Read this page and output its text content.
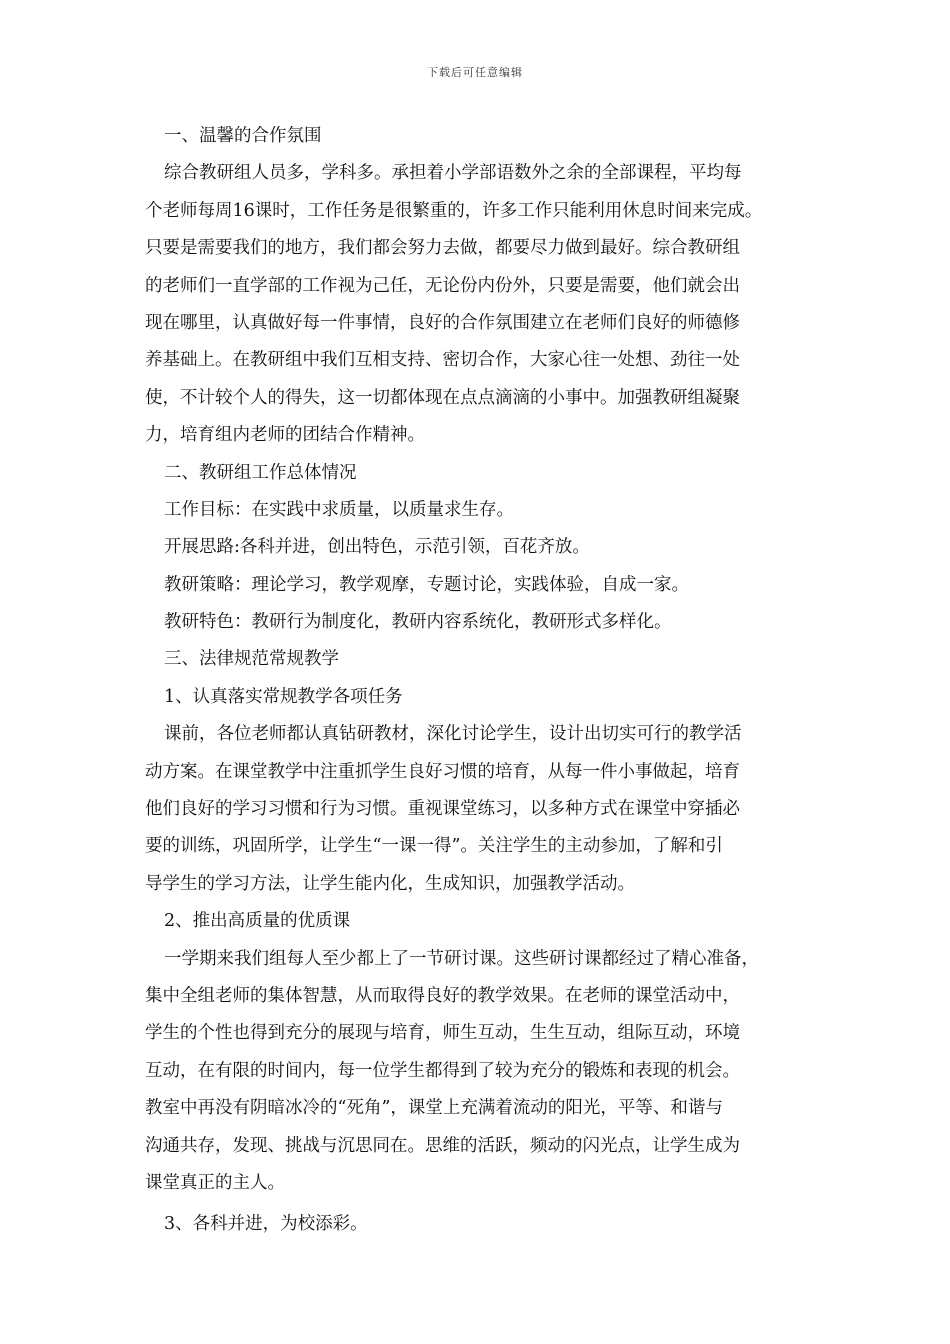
下载后可任意编辑
一、温馨的合作氛围
综合教研组人员多，学科多。承担着小学部语数外之余的全部课程，平均每
个老师每周16课时，工作任务是很繁重的，许多工作只能利用休息时间来完成。
只要是需要我们的地方，我们都会努力去做，都要尽力做到最好。综合教研组
的老师们一直学部的工作视为己任，无论份内份外，只要是需要，他们就会出
现在哪里，认真做好每一件事情，良好的合作氛围建立在老师们良好的师德修
养基础上。在教研组中我们互相支持、密切合作，大家心往一处想、劲往一处
使，不计较个人的得失，这一切都体现在点点滴滴的小事中。加强教研组凝聚
力，培育组内老师的团结合作精神。
二、教研组工作总体情况
工作目标：在实践中求质量，以质量求生存。
开展思路:各科并进，创出特色，示范引领，百花齐放。
教研策略：理论学习，教学观摩，专题讨论，实践体验，自成一家。
教研特色：教研行为制度化，教研内容系统化，教研形式多样化。
三、法律规范常规教学
1、认真落实常规教学各项任务
课前，各位老师都认真钻研教材，深化讨论学生，设计出切实可行的教学活
动方案。在课堂教学中注重抓学生良好习惯的培育，从每一件小事做起，培育
他们良好的学习习惯和行为习惯。重视课堂练习，以多种方式在课堂中穿插必
要的训练，巩固所学，让学生“一课一得”。关注学生的主动参加，了解和引
导学生的学习方法，让学生能内化，生成知识，加强教学活动。
2、推出高质量的优质课
一学期来我们组每人至少都上了一节研讨课。这些研讨课都经过了精心准备，
集中全组老师的集体智慧，从而取得良好的教学效果。在老师的课堂活动中，
学生的个性也得到充分的展现与培育，师生互动，生生互动，组际互动，环境
互动，在有限的时间内，每一位学生都得到了较为充分的锻炼和表现的机会。
教室中再没有阴暗冰冷的“死角”，课堂上充满着流动的阳光，平等、和谐与
沟通共存，发现、挑战与沉思同在。思维的活跃，频动的闪光点，让学生成为
课堂真正的主人。
3、各科并进，为校添彩。
